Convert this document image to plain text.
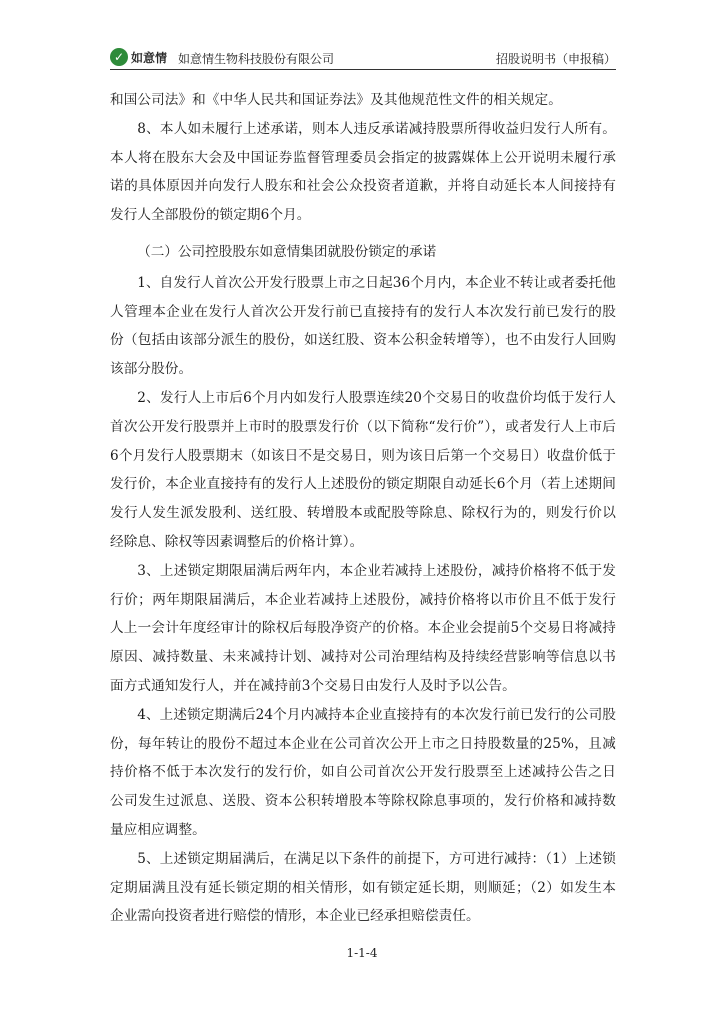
✓ 如意情 如意情生物科技股份有限公司	招股说明书（申报稿）

和国公司法》和《中华人民共和国证券法》及其他规范性文件的相关规定。

8、本人如未履行上述承诺，则本人违反承诺减持股票所得收益归发行人所有。本人将在股东大会及中国证券监督管理委员会指定的披露媒体上公开说明未履行承诺的具体原因并向发行人股东和社会公众投资者道歉，并将自动延长本人间接持有发行人全部股份的锁定期6个月。

（二）公司控股股东如意情集团就股份锁定的承诺

1、自发行人首次公开发行股票上市之日起36个月内，本企业不转让或者委托他人管理本企业在发行人首次公开发行前已直接持有的发行人本次发行前已发行的股份（包括由该部分派生的股份，如送红股、资本公积金转增等），也不由发行人回购该部分股份。

2、发行人上市后6个月内如发行人股票连续20个交易日的收盘价均低于发行人首次公开发行股票并上市时的股票发行价（以下简称“发行价”），或者发行人上市后6个月发行人股票期末（如该日不是交易日，则为该日后第一个交易日）收盘价低于发行价，本企业直接持有的发行人上述股份的锁定期限自动延长6个月（若上述期间发行人发生派发股利、送红股、转增股本或配股等除息、除权行为的，则发行价以经除息、除权等因素调整后的价格计算）。

3、上述锁定期限届满后两年内，本企业若减持上述股份，减持价格将不低于发行价；两年期限届满后，本企业若减持上述股份，减持价格将以市价且不低于发行人上一会计年度经审计的除权后每股净资产的价格。本企业会提前5个交易日将减持原因、减持数量、未来减持计划、减持对公司治理结构及持续经营影响等信息以书面方式通知发行人，并在减持前3个交易日由发行人及时予以公告。

4、上述锁定期满后24个月内减持本企业直接持有的本次发行前已发行的公司股份，每年转让的股份不超过本企业在公司首次公开上市之日持股数量的25%，且减持价格不低于本次发行的发行价，如自公司首次公开发行股票至上述减持公告之日公司发生过派息、送股、资本公积转增股本等除权除息事项的，发行价格和减持数量应相应调整。

5、上述锁定期届满后，在满足以下条件的前提下，方可进行减持：（1）上述锁定期届满且没有延长锁定期的相关情形，如有锁定延长期，则顺延；（2）如发生本企业需向投资者进行赔偿的情形，本企业已经承担赔偿责任。

1-1-4
